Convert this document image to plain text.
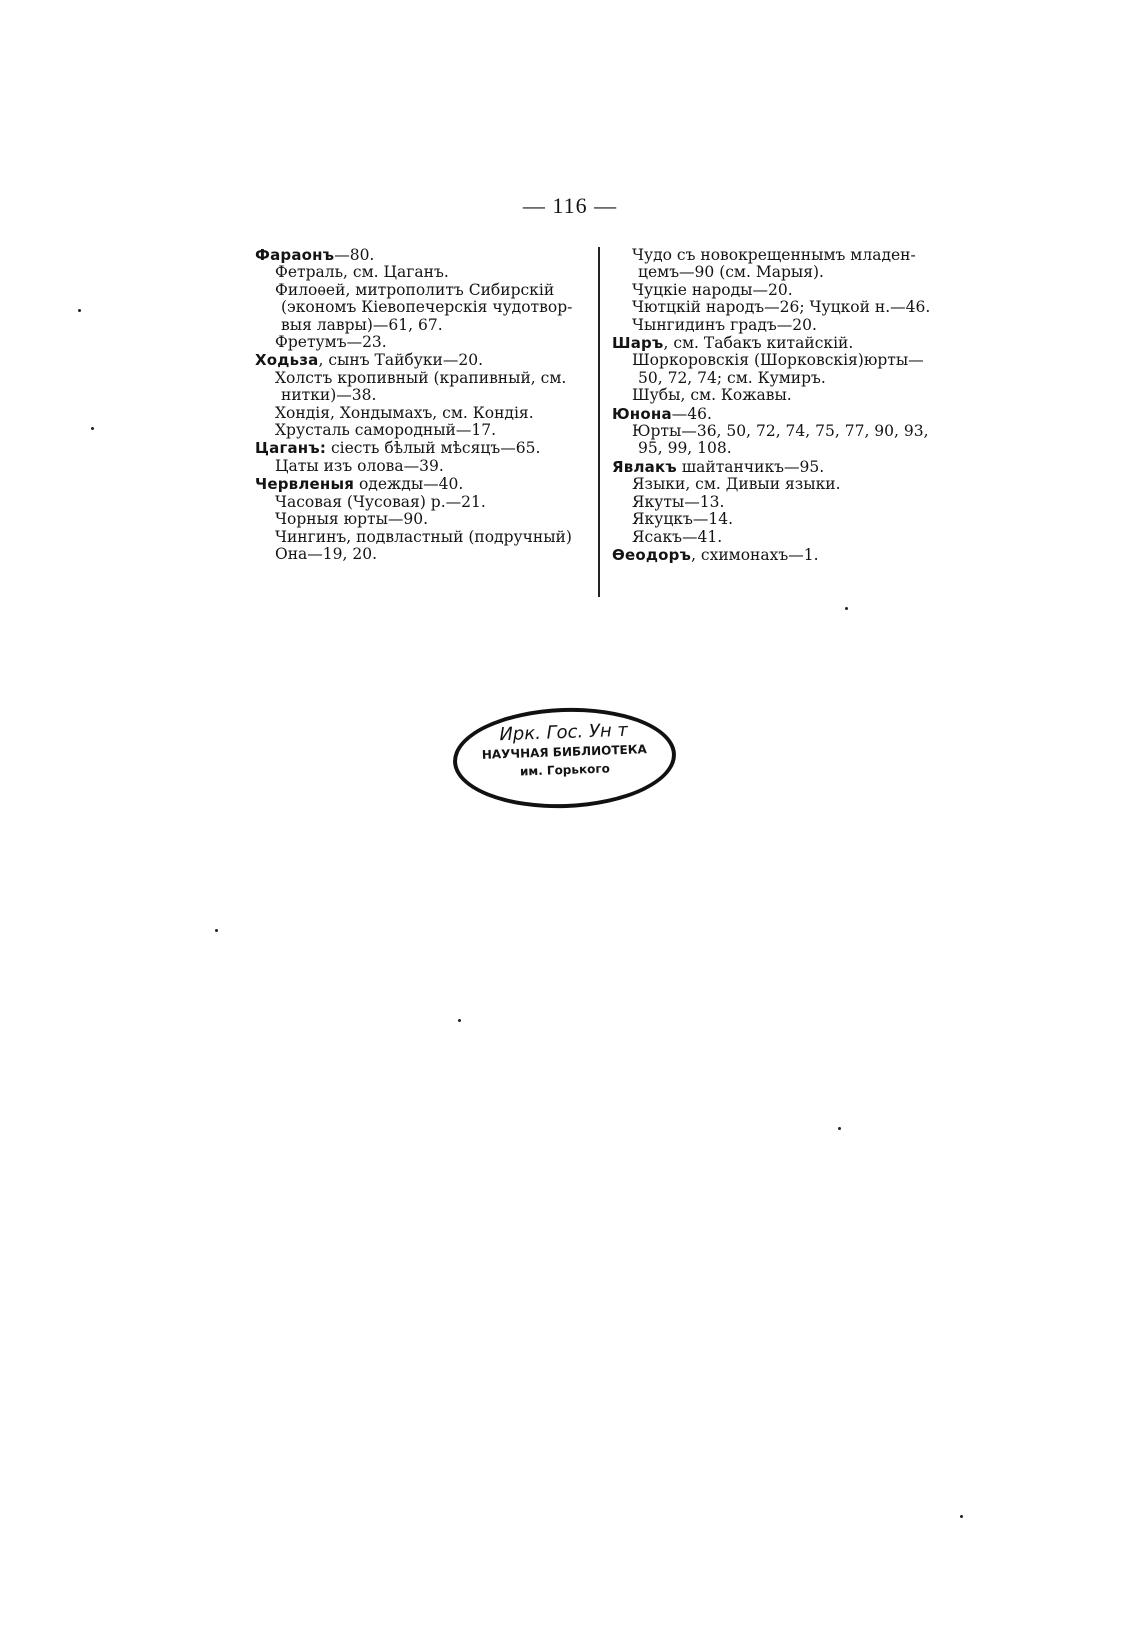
— 116 —
Фараонъ—80.
Фетраль, см. Цаганъ.
Филоѳей, митрополитъ Сибирскій
(экономъ Кіевопечерскія чудотвор-
выя лавры)—61, 67.
Фретумъ—23.
Ходьза, сынъ Тайбуки—20.
Холстъ кропивный (крапивный, см.
нитки)—38.
Хондія, Хондымахъ, см. Кондія.
Хрусталь самородный—17.
Цаганъ: сіесть бѣлый мѣсяцъ—65.
Цаты изъ олова—39.
Червленыя одежды—40.
Часовая (Чусовая) р.—21.
Чорныя юрты—90.
Чингинъ, подвластный (подручный)
Она—19, 20.
Чудо съ новокрещеннымъ младен-
цемъ—90 (см. Марыя).
Чуцкіе народы—20.
Чютцкій народъ—26; Чуцкой н.—46.
Чынгидинъ градъ—20.
Шаръ, см. Табакъ китайскій.
Шоркоровскія (Шорковскія)юрты—
50, 72, 74; см. Кумиръ.
Шубы, см. Кожавы.
Юнона—46.
Юрты—36, 50, 72, 74, 75, 77, 90, 93,
95, 99, 108.
Явлакъ шайтанчикъ—95.
Языки, см. Дивыи языки.
Якуты—13.
Якуцкъ—14.
Ясакъ—41.
Ѳеодоръ, схимонахъ—1.
Ирк. Гос. Ун т
НАУЧНАЯ БИБЛИОТЕКА
им. Горького
